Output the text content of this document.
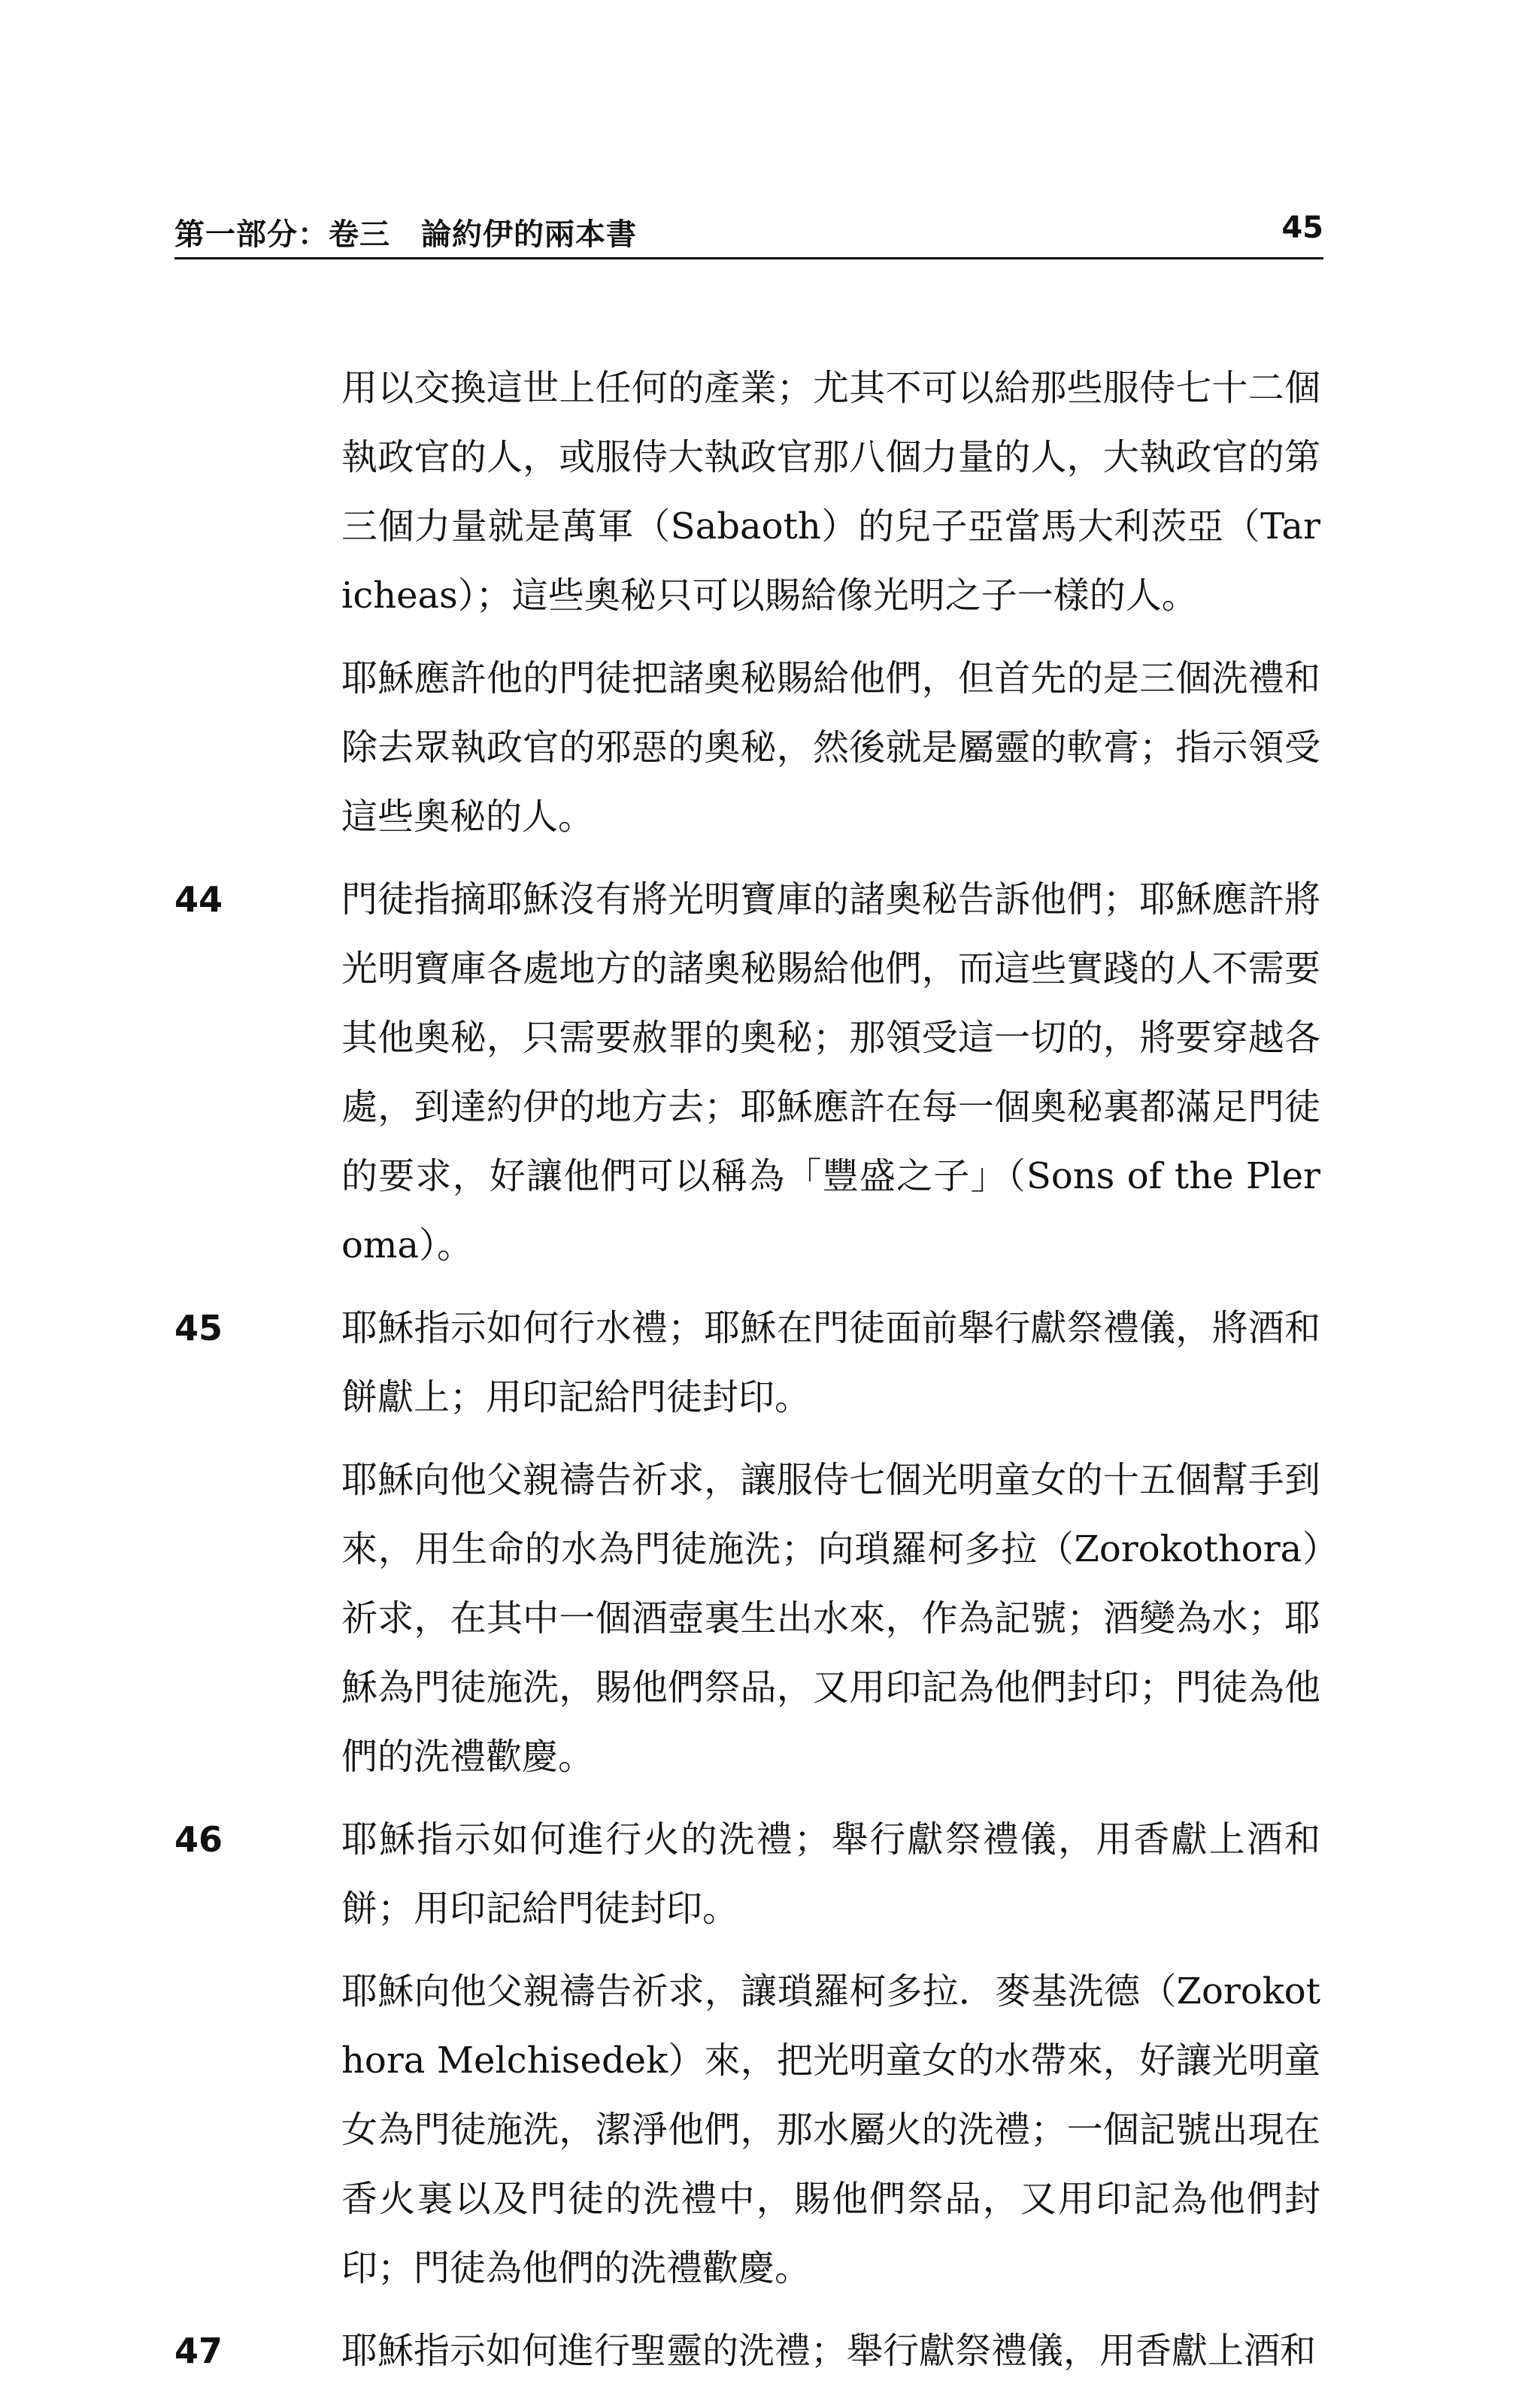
第一部分：卷三　論約伊的兩本書	45

用以交換這世上任何的產業；尤其不可以給那些服侍七十二個執政官的人，或服侍大執政官那八個力量的人，大執政官的第三個力量就是萬軍（Sabaoth）的兒子亞當馬大利茨亞（Taricheas）；這些奧秘只可以賜給像光明之子一樣的人。

耶穌應許他的門徒把諸奧秘賜給他們，但首先的是三個洗禮和除去眾執政官的邪惡的奧秘，然後就是屬靈的軟膏；指示領受這些奧秘的人。

44	門徒指摘耶穌沒有將光明寶庫的諸奧秘告訴他們；耶穌應許將光明寶庫各處地方的諸奧秘賜給他們，而這些實踐的人不需要其他奧秘，只需要赦罪的奧秘；那領受這一切的，將要穿越各處，到達約伊的地方去；耶穌應許在每一個奧秘裏都滿足門徒的要求，好讓他們可以稱為「豐盛之子」（Sons of the Pleroma）。

45	耶穌指示如何行水禮；耶穌在門徒面前舉行獻祭禮儀，將酒和餅獻上；用印記給門徒封印。

耶穌向他父親禱告祈求，讓服侍七個光明童女的十五個幫手到來，用生命的水為門徒施洗；向瑣羅柯多拉（Zorokothora）祈求，在其中一個酒壺裏生出水來，作為記號；酒變為水；耶穌為門徒施洗，賜他們祭品，又用印記為他們封印；門徒為他們的洗禮歡慶。

46	耶穌指示如何進行火的洗禮；舉行獻祭禮儀，用香獻上酒和餅；用印記給門徒封印。

耶穌向他父親禱告祈求，讓瑣羅柯多拉．麥基洗德（Zorokothora Melchisedek）來，把光明童女的水帶來，好讓光明童女為門徒施洗，潔淨他們，那水屬火的洗禮；一個記號出現在香火裏以及門徒的洗禮中，賜他們祭品，又用印記為他們封印；門徒為他們的洗禮歡慶。

47	耶穌指示如何進行聖靈的洗禮；舉行獻祭禮儀，用香獻上酒和
